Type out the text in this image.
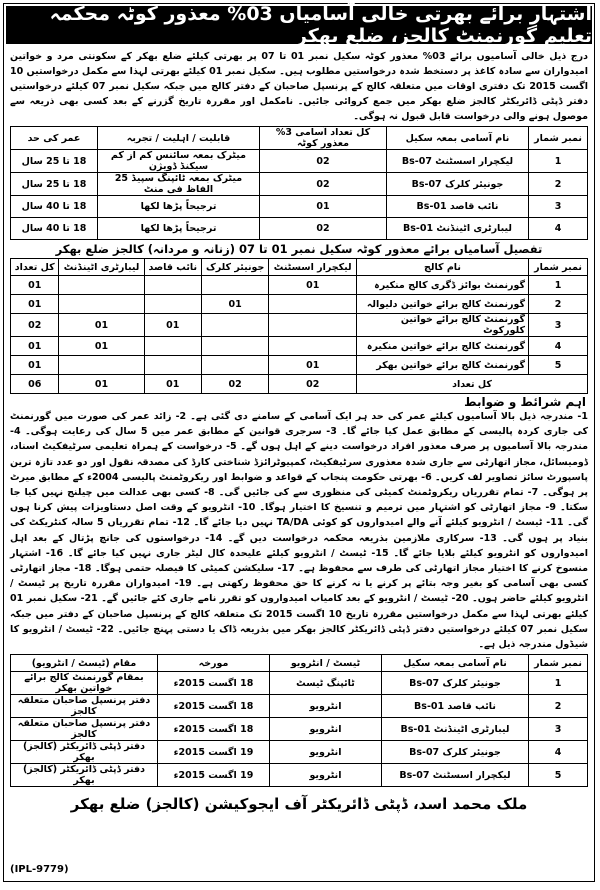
اشتہار برائے بھرتی خالی آسامیاں 03% معذور کوٹہ محکمہ تعلیم گورنمنٹ کالجز، ضلع بھکر
درج ذیل خالی آسامیوں برائے 03% معذور کوٹہ سکیل نمبر 01 تا 07 پر بھرتی کیلئے ضلع بھکر کے سکونتی مرد و خواتین امیدواران سے سادہ کاغذ پر دستخط شدہ درخواستیں مطلوب ہیں۔ سکیل نمبر 01 کیلئے بھرتی لہذا سے مکمل درخواستیں 10 اگست 2015 تک دفتری اوقات میں متعلقہ کالج کے پرنسپل صاحبان کے دفتر کالج میں جبکہ سکیل نمبر 07 کیلئے درخواستیں دفتر ڈپٹی ڈائریکٹر کالجز ضلع بھکر میں جمع کروائی جائیں۔ نامکمل اور مقررہ تاریخ گزرنے کے بعد کسی بھی ذریعہ سے موصول ہونے والی درخواست قابل قبول نہ ہوگی۔
نمبر شمار	نام آسامی بمعہ سکیل	کل تعداد آسامی 3% معذور کوٹہ	قابلیت / اہلیت / تجربہ	عمر کی حد
1	لیکچرار اسسٹنٹ Bs-07	02	میٹرک بمعہ سائنس کم از کم سیکنڈ ڈویژن	18 تا 25 سال
2	جونیئر کلرک Bs-07	02	میٹرک بمعہ ٹائپنگ سپیڈ 25 الفاظ فی منٹ	18 تا 25 سال
3	نائب قاصد Bs-01	01	ترجیحاً پڑھا لکھا	18 تا 40 سال
4	لیبارٹری اٹینڈنٹ Bs-01	02	ترجیحاً پڑھا لکھا	18 تا 40 سال
تفصیل آسامیاں برائے معذور کوٹہ سکیل نمبر 01 تا 07 (زنانہ و مردانہ) کالجز ضلع بھکر
نمبر شمار	نام کالج	لیکچرار اسسٹنٹ	جونیئر کلرک	نائب قاصد	لیبارٹری اٹینڈنٹ	کل تعداد
1	گورنمنٹ بوائز ڈگری کالج منکیرہ	01				01
2	گورنمنٹ کالج برائے خواتین دلیوالہ		01			01
3	گورنمنٹ کالج برائے خواتین کلورکوٹ			01	01	02
4	گورنمنٹ کالج برائے خواتین منکیرہ				01	01
5	گورنمنٹ کالج برائے خواتین بھکر	01				01
کل تعداد		02	02	01	01	06
اہم شرائط و ضوابط
1- مندرجہ ذیل بالا آسامیوں کیلئے عمر کی حد ہر ایک آسامی کے سامنے دی گئی ہے۔ 2- زائد عمر کی صورت میں گورنمنٹ کی جاری کردہ پالیسی کے مطابق عمل کیا جائے گا۔ 3- سرجری قوانین کے مطابق عمر میں 5 سال کی رعایت ہوگی۔ 4- مندرجہ بالا آسامیوں پر صرف معذور افراد درخواست دینے کے اہل ہوں گے۔ 5- درخواست کے ہمراہ تعلیمی سرٹیفکیٹ اسناد، ڈومیسائل، مجاز اتھارٹی سے جاری شدہ معذوری سرٹیفکیٹ، کمپیوٹرائزڈ شناختی کارڈ کی مصدقہ نقول اور دو عدد تازہ ترین پاسپورٹ سائز تصاویر لف کریں۔ 6- بھرتی حکومت پنجاب کے قواعد و ضوابط اور ریکروٹمنٹ پالیسی 2004ء کے مطابق میرٹ پر ہوگی۔ 7- تمام تقرریاں ریکروٹمنٹ کمیٹی کی منظوری سے کی جائیں گی۔ 8- کسی بھی عدالت میں چیلنج نہیں کیا جا سکتا۔ 9- مجاز اتھارٹی کو اشتہار میں ترمیم و تنسیخ کا اختیار ہوگا۔ 10- انٹرویو کے وقت اصل دستاویزات پیش کرنا ہوں گی۔ 11- ٹیسٹ / انٹرویو کیلئے آنے والے امیدواروں کو کوئی TA/DA نہیں دیا جائے گا۔ 12- تمام تقرریاں 5 سالہ کنٹریکٹ کی بنیاد پر ہوں گی۔ 13- سرکاری ملازمین بذریعہ محکمہ درخواست دیں گے۔ 14- درخواستوں کی جانچ پڑتال کے بعد اہل امیدواروں کو انٹرویو کیلئے بلایا جائے گا۔ 15- ٹیسٹ / انٹرویو کیلئے علیحدہ کال لیٹر جاری نہیں کیا جائے گا۔ 16- اشتہار منسوخ کرنے کا اختیار مجاز اتھارٹی کی طرف سے محفوظ ہے۔ 17- سلیکشن کمیٹی کا فیصلہ حتمی ہوگا۔ 18- مجاز اتھارٹی کسی بھی آسامی کو بغیر وجہ بتائے پر کرنے یا نہ کرنے کا حق محفوظ رکھتی ہے۔ 19- امیدواران مقررہ تاریخ پر ٹیسٹ / انٹرویو کیلئے حاضر ہوں۔ 20- ٹیسٹ / انٹرویو کے بعد کامیاب امیدواروں کو تقرر نامے جاری کئے جائیں گے۔ 21- سکیل نمبر 01 کیلئے بھرتی لہذا سے مکمل درخواستیں مقررہ تاریخ 10 اگست 2015 تک متعلقہ کالج کے پرنسپل صاحبان کے دفتر میں جبکہ سکیل نمبر 07 کیلئے درخواستیں دفتر ڈپٹی ڈائریکٹر کالجز بھکر میں بذریعہ ڈاک یا دستی پہنچ جائیں۔ 22- ٹیسٹ / انٹرویو کا شیڈول مندرجہ ذیل ہے۔
نمبر شمار	نام آسامی بمعہ سکیل	ٹیسٹ / انٹرویو	مورخہ	مقام (ٹیسٹ / انٹرویو)
1	جونیئر کلرک Bs-07	ٹائپنگ ٹیسٹ	18 اگست 2015ء	بمقام گورنمنٹ کالج برائے خواتین بھکر
2	نائب قاصد Bs-01	انٹرویو	18 اگست 2015ء	دفتر پرنسپل صاحبان متعلقہ کالجز
3	لیبارٹری اٹینڈنٹ Bs-01	انٹرویو	18 اگست 2015ء	دفتر پرنسپل صاحبان متعلقہ کالجز
4	جونیئر کلرک Bs-07	انٹرویو	19 اگست 2015ء	دفتر ڈپٹی ڈائریکٹر (کالجز) بھکر
5	لیکچرار اسسٹنٹ Bs-07	انٹرویو	19 اگست 2015ء	دفتر ڈپٹی ڈائریکٹر (کالجز) بھکر
ملک محمد اسد، ڈپٹی ڈائریکٹر آف ایجوکیشن (کالجز) ضلع بھکر
(IPL-9779)
